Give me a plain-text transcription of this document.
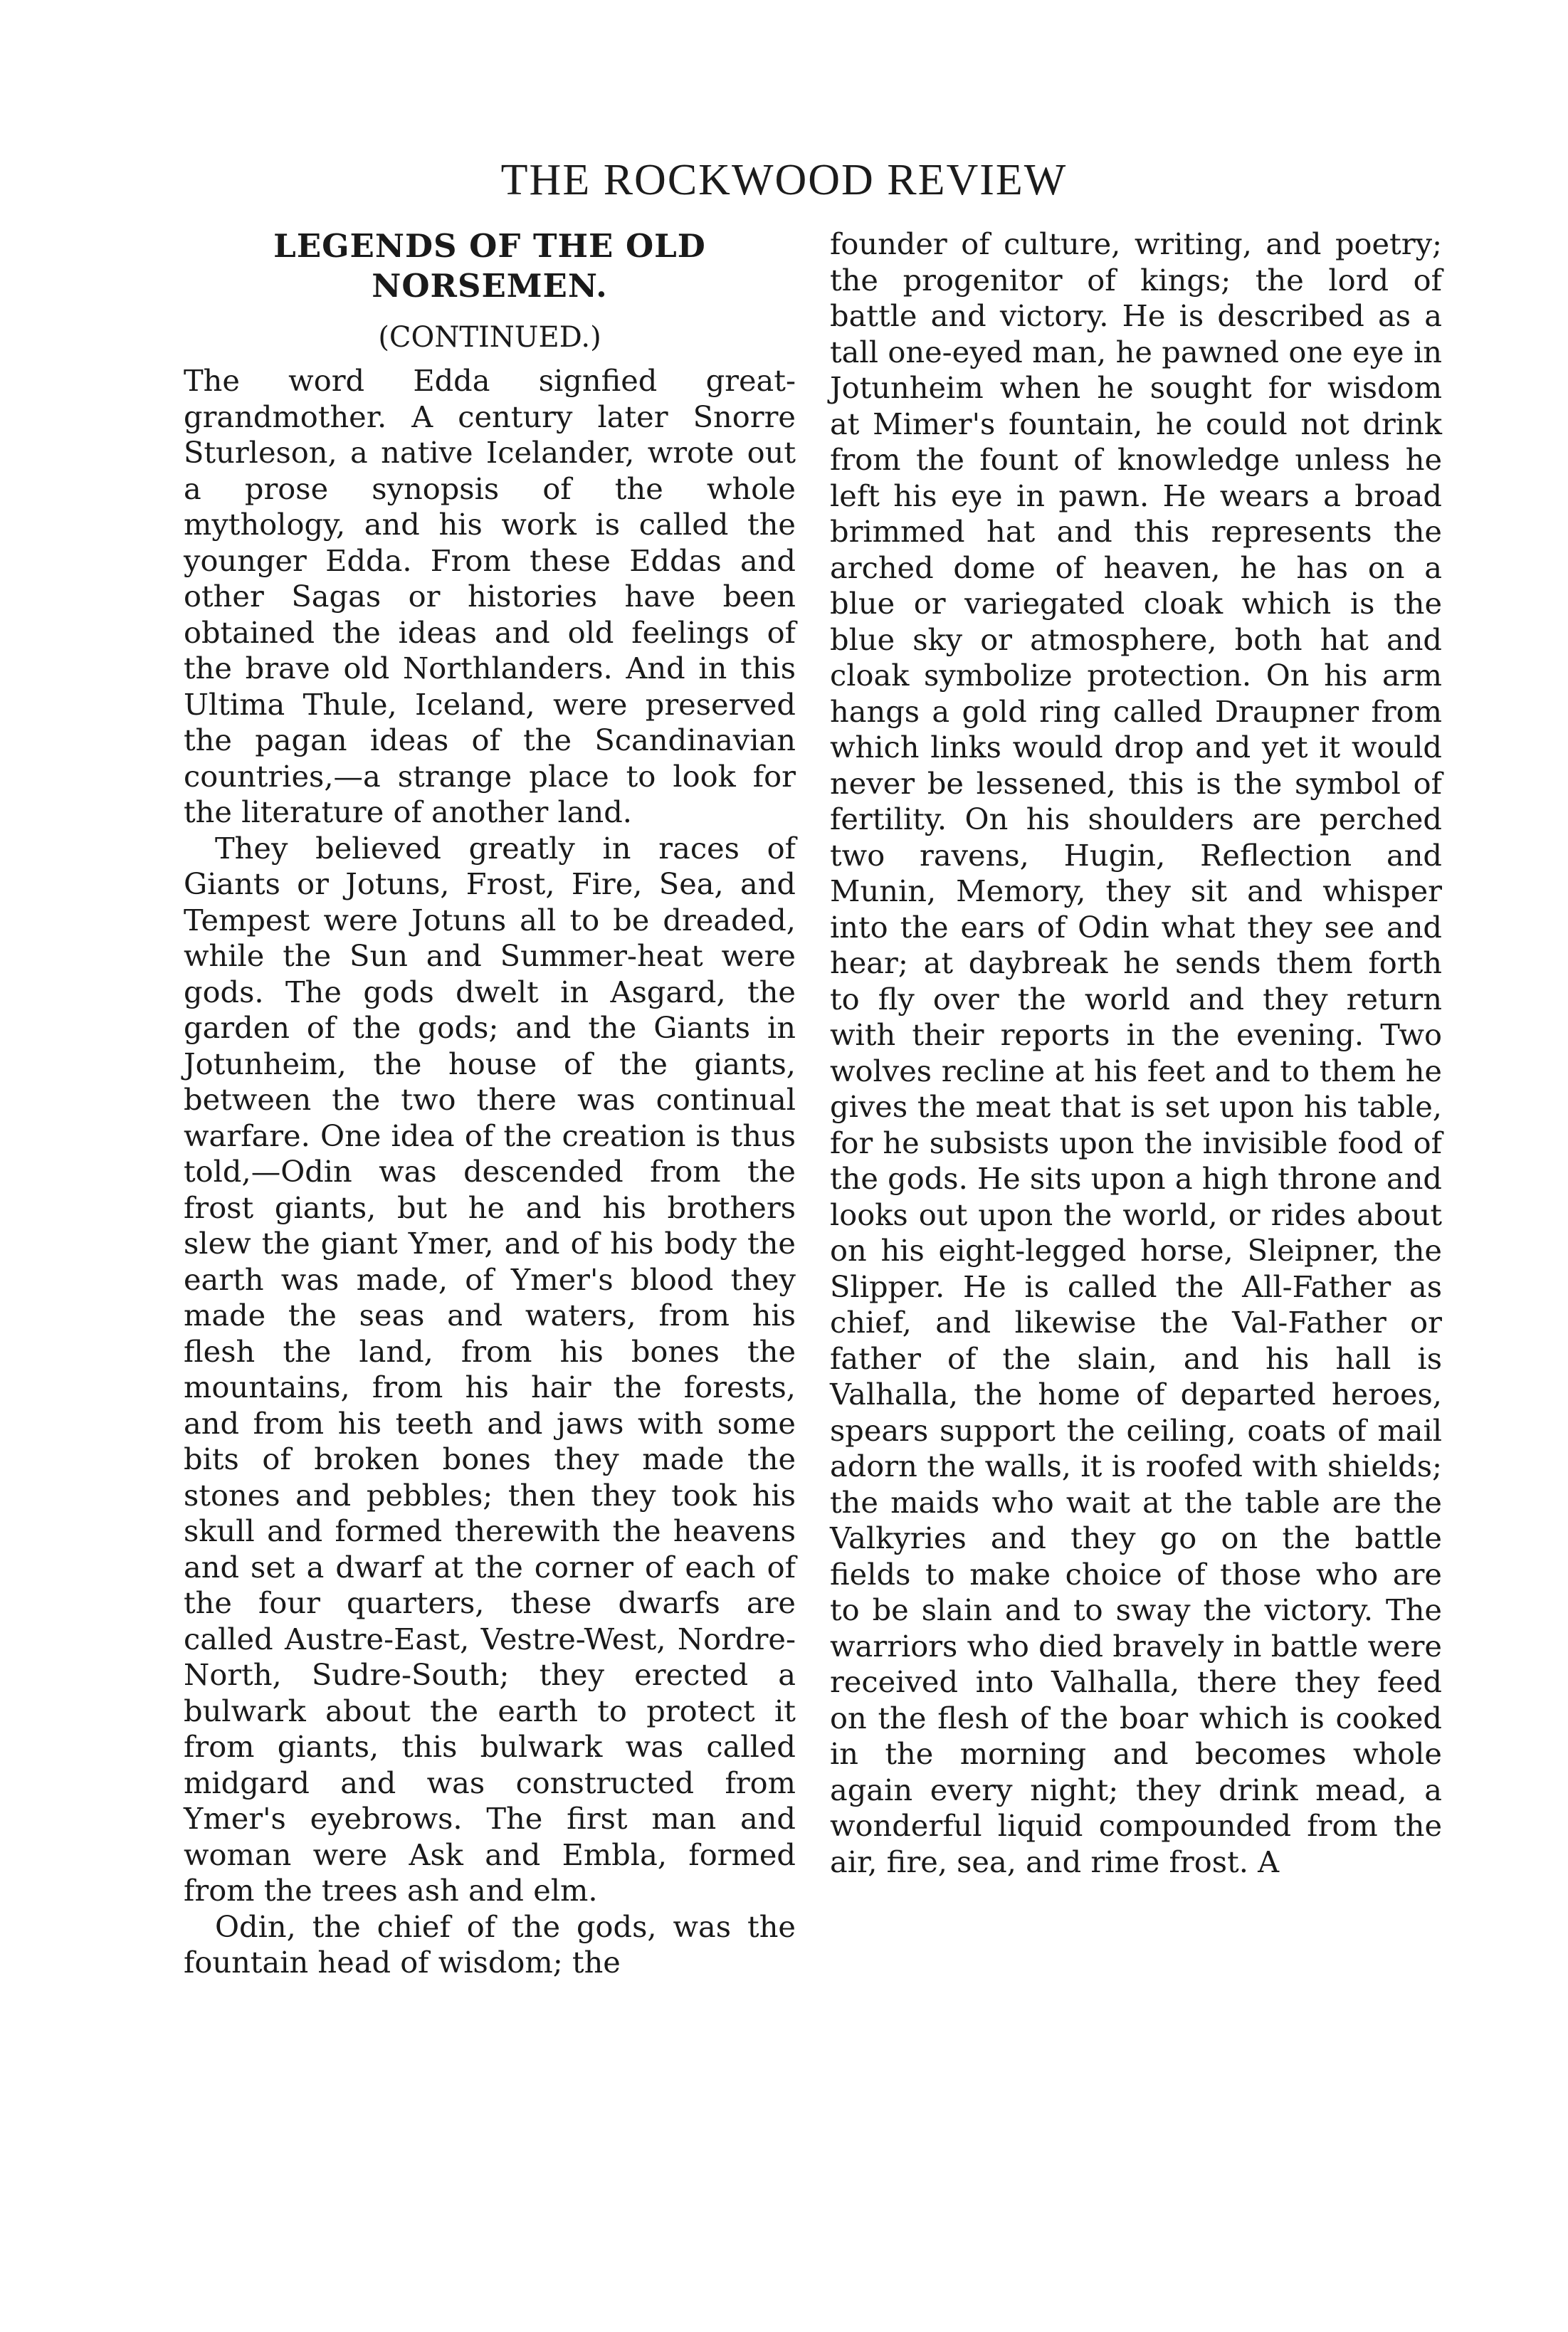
THE ROCKWOOD REVIEW
LEGENDS OF THE OLD NORSEMEN.
(CONTINUED.)

The word Edda signfied great-grandmother. A century later Snorre Sturleson, a native Icelander, wrote out a prose synopsis of the whole mythology, and his work is called the younger Edda. From these Eddas and other Sagas or histories have been obtained the ideas and old feelings of the brave old Northlanders. And in this Ultima Thule, Iceland, were preserved the pagan ideas of the Scandinavian countries,—a strange place to look for the literature of another land.

They believed greatly in races of Giants or Jotuns, Frost, Fire, Sea, and Tempest were Jotuns all to be dreaded, while the Sun and Summer-heat were gods. The gods dwelt in Asgard, the garden of the gods; and the Giants in Jotunheim, the house of the giants, between the two there was continual warfare. One idea of the creation is thus told,—Odin was descended from the frost giants, but he and his brothers slew the giant Ymer, and of his body the earth was made, of Ymer's blood they made the seas and waters, from his flesh the land, from his bones the mountains, from his hair the forests, and from his teeth and jaws with some bits of broken bones they made the stones and pebbles; then they took his skull and formed therewith the heavens and set a dwarf at the corner of each of the four quarters, these dwarfs are called Austre-East, Vestre-West, Nordre-North, Sudre-South; they erected a bulwark about the earth to protect it from giants, this bulwark was called midgard and was constructed from Ymer's eyebrows. The first man and woman were Ask and Embla, formed from the trees ash and elm.

Odin, the chief of the gods, was the fountain head of wisdom; the

founder of culture, writing, and poetry; the progenitor of kings; the lord of battle and victory. He is described as a tall one-eyed man, he pawned one eye in Jotunheim when he sought for wisdom at Mimer's fountain, he could not drink from the fount of knowledge unless he left his eye in pawn. He wears a broad brimmed hat and this represents the arched dome of heaven, he has on a blue or variegated cloak which is the blue sky or atmosphere, both hat and cloak symbolize protection. On his arm hangs a gold ring called Draupner from which links would drop and yet it would never be lessened, this is the symbol of fertility. On his shoulders are perched two ravens, Hugin, Reflection and Munin, Memory, they sit and whisper into the ears of Odin what they see and hear; at daybreak he sends them forth to fly over the world and they return with their reports in the evening. Two wolves recline at his feet and to them he gives the meat that is set upon his table, for he subsists upon the invisible food of the gods. He sits upon a high throne and looks out upon the world, or rides about on his eight-legged horse, Sleipner, the Slipper. He is called the All-Father as chief, and likewise the Val-Father or father of the slain, and his hall is Valhalla, the home of departed heroes, spears support the ceiling, coats of mail adorn the walls, it is roofed with shields; the maids who wait at the table are the Valkyries and they go on the battle fields to make choice of those who are to be slain and to sway the victory. The warriors who died bravely in battle were received into Valhalla, there they feed on the flesh of the boar which is cooked in the morning and becomes whole again every night; they drink mead, a wonderful liquid compounded from the air, fire, sea, and rime frost. A
